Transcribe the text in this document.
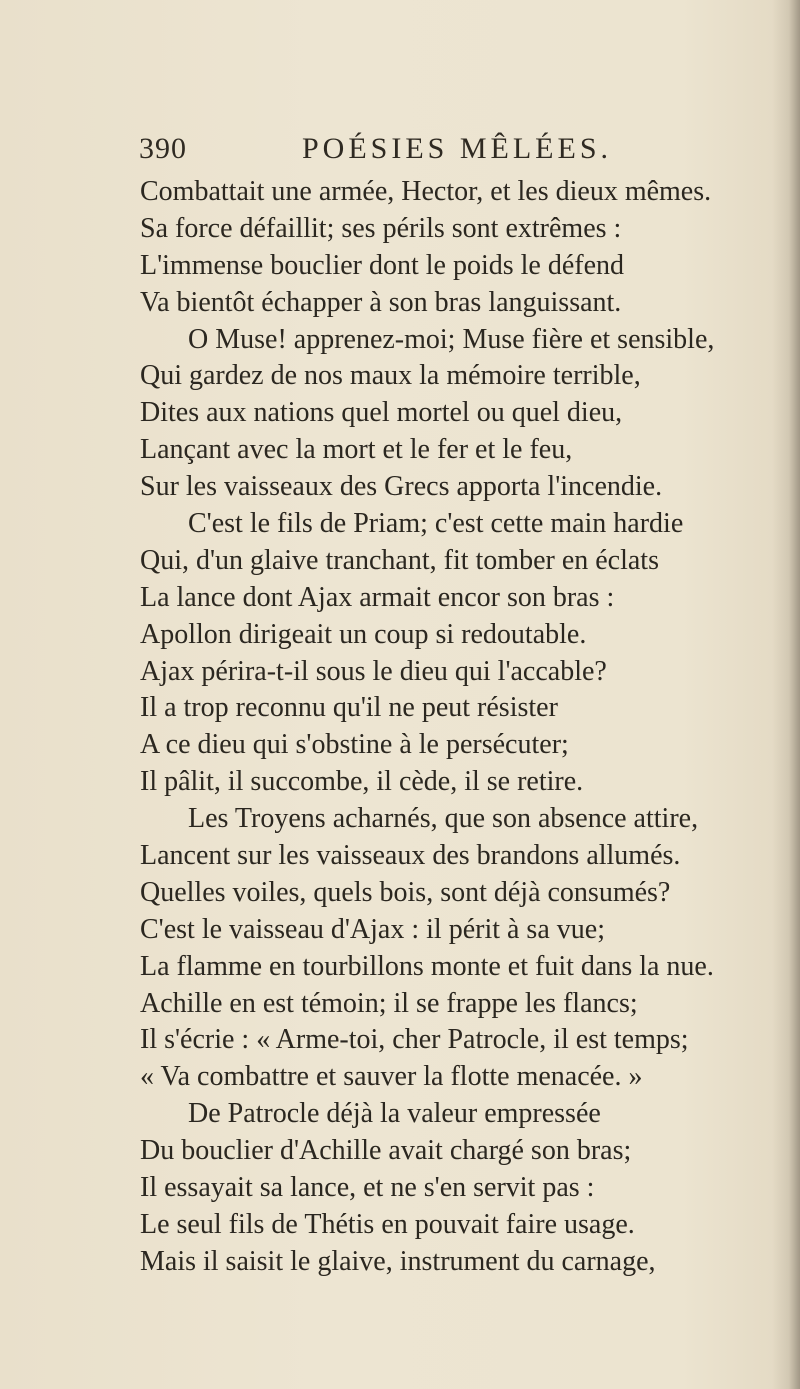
390	POÉSIES MÊLÉES.
Combattait une armée, Hector, et les dieux mêmes.
Sa force défaillit; ses périls sont extrêmes :
L'immense bouclier dont le poids le défend
Va bientôt échapper à son bras languissant.
O Muse! apprenez-moi; Muse fière et sensible,
Qui gardez de nos maux la mémoire terrible,
Dites aux nations quel mortel ou quel dieu,
Lançant avec la mort et le fer et le feu,
Sur les vaisseaux des Grecs apporta l'incendie.
C'est le fils de Priam; c'est cette main hardie
Qui, d'un glaive tranchant, fit tomber en éclats
La lance dont Ajax armait encor son bras :
Apollon dirigeait un coup si redoutable.
Ajax périra-t-il sous le dieu qui l'accable?
Il a trop reconnu qu'il ne peut résister
A ce dieu qui s'obstine à le persécuter;
Il pâlit, il succombe, il cède, il se retire.
Les Troyens acharnés, que son absence attire,
Lancent sur les vaisseaux des brandons allumés.
Quelles voiles, quels bois, sont déjà consumés?
C'est le vaisseau d'Ajax : il périt à sa vue;
La flamme en tourbillons monte et fuit dans la nue.
Achille en est témoin; il se frappe les flancs;
Il s'écrie : « Arme-toi, cher Patrocle, il est temps;
« Va combattre et sauver la flotte menacée. »
De Patrocle déjà la valeur empressée
Du bouclier d'Achille avait chargé son bras;
Il essayait sa lance, et ne s'en servit pas :
Le seul fils de Thétis en pouvait faire usage.
Mais il saisit le glaive, instrument du carnage,
